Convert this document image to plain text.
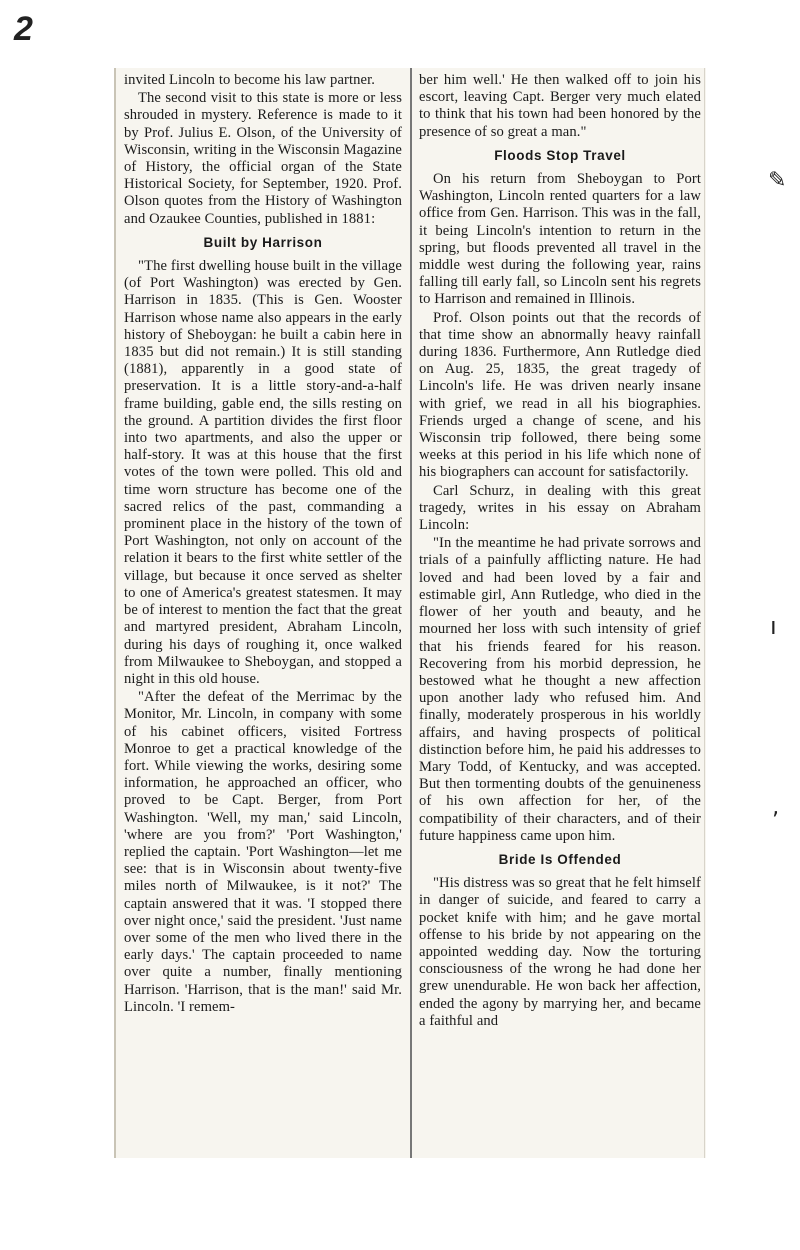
2

invited Lincoln to become his law partner.

The second visit to this state is more or less shrouded in mystery. Reference is made to it by Prof. Julius E. Olson, of the University of Wisconsin, writing in the Wisconsin Magazine of History, the official organ of the State Historical Society, for September, 1920. Prof. Olson quotes from the History of Washington and Ozaukee Counties, published in 1881:

Built by Harrison

"The first dwelling house built in the village (of Port Washington) was erected by Gen. Harrison in 1835. (This is Gen. Wooster Harrison whose name also appears in the early history of Sheboygan: he built a cabin here in 1835 but did not remain.) It is still standing (1881), apparently in a good state of preservation. It is a little story-and-a-half frame building, gable end, the sills resting on the ground. A partition divides the first floor into two apartments, and also the upper or half-story. It was at this house that the first votes of the town were polled. This old and time worn structure has become one of the sacred relics of the past, commanding a prominent place in the history of the town of Port Washington, not only on account of the relation it bears to the first white settler of the village, but because it once served as shelter to one of America's greatest statesmen. It may be of interest to mention the fact that the great and martyred president, Abraham Lincoln, during his days of roughing it, once walked from Milwaukee to Sheboygan, and stopped a night in this old house.

"After the defeat of the Merrimac by the Monitor, Mr. Lincoln, in company with some of his cabinet officers, visited Fortress Monroe to get a practical knowledge of the fort. While viewing the works, desiring some information, he approached an officer, who proved to be Capt. Berger, from Port Washington. 'Well, my man,' said Lincoln, 'where are you from?' 'Port Washington,' replied the captain. 'Port Washington—let me see: that is in Wisconsin about twenty-five miles north of Milwaukee, is it not?' The captain answered that it was. 'I stopped there over night once,' said the president. 'Just name over some of the men who lived there in the early days.' The captain proceeded to name over quite a number, finally mentioning Harrison. 'Harrison, that is the man!' said Mr. Lincoln. 'I remem-

ber him well.' He then walked off to join his escort, leaving Capt. Berger very much elated to think that his town had been honored by the presence of so great a man."

Floods Stop Travel

On his return from Sheboygan to Port Washington, Lincoln rented quarters for a law office from Gen. Harrison. This was in the fall, it being Lincoln's intention to return in the spring, but floods prevented all travel in the middle west during the following year, rains falling till early fall, so Lincoln sent his regrets to Harrison and remained in Illinois.

Prof. Olson points out that the records of that time show an abnormally heavy rainfall during 1836. Furthermore, Ann Rutledge died on Aug. 25, 1835, the great tragedy of Lincoln's life. He was driven nearly insane with grief, we read in all his biographies. Friends urged a change of scene, and his Wisconsin trip followed, there being some weeks at this period in his life which none of his biographers can account for satisfactorily.

Carl Schurz, in dealing with this great tragedy, writes in his essay on Abraham Lincoln:

"In the meantime he had private sorrows and trials of a painfully afflicting nature. He had loved and had been loved by a fair and estimable girl, Ann Rutledge, who died in the flower of her youth and beauty, and he mourned her loss with such intensity of grief that his friends feared for his reason. Recovering from his morbid depression, he bestowed what he thought a new affection upon another lady who refused him. And finally, moderately prosperous in his worldly affairs, and having prospects of political distinction before him, he paid his addresses to Mary Todd, of Kentucky, and was accepted. But then tormenting doubts of the genuineness of his own affection for her, of the compatibility of their characters, and of their future happiness came upon him.

Bride Is Offended

"His distress was so great that he felt himself in danger of suicide, and feared to carry a pocket knife with him; and he gave mortal offense to his bride by not appearing on the appointed wedding day. Now the torturing consciousness of the wrong he had done her grew unendurable. He won back her affection, ended the agony by marrying her, and became a faithful and

✎
ı
‚
